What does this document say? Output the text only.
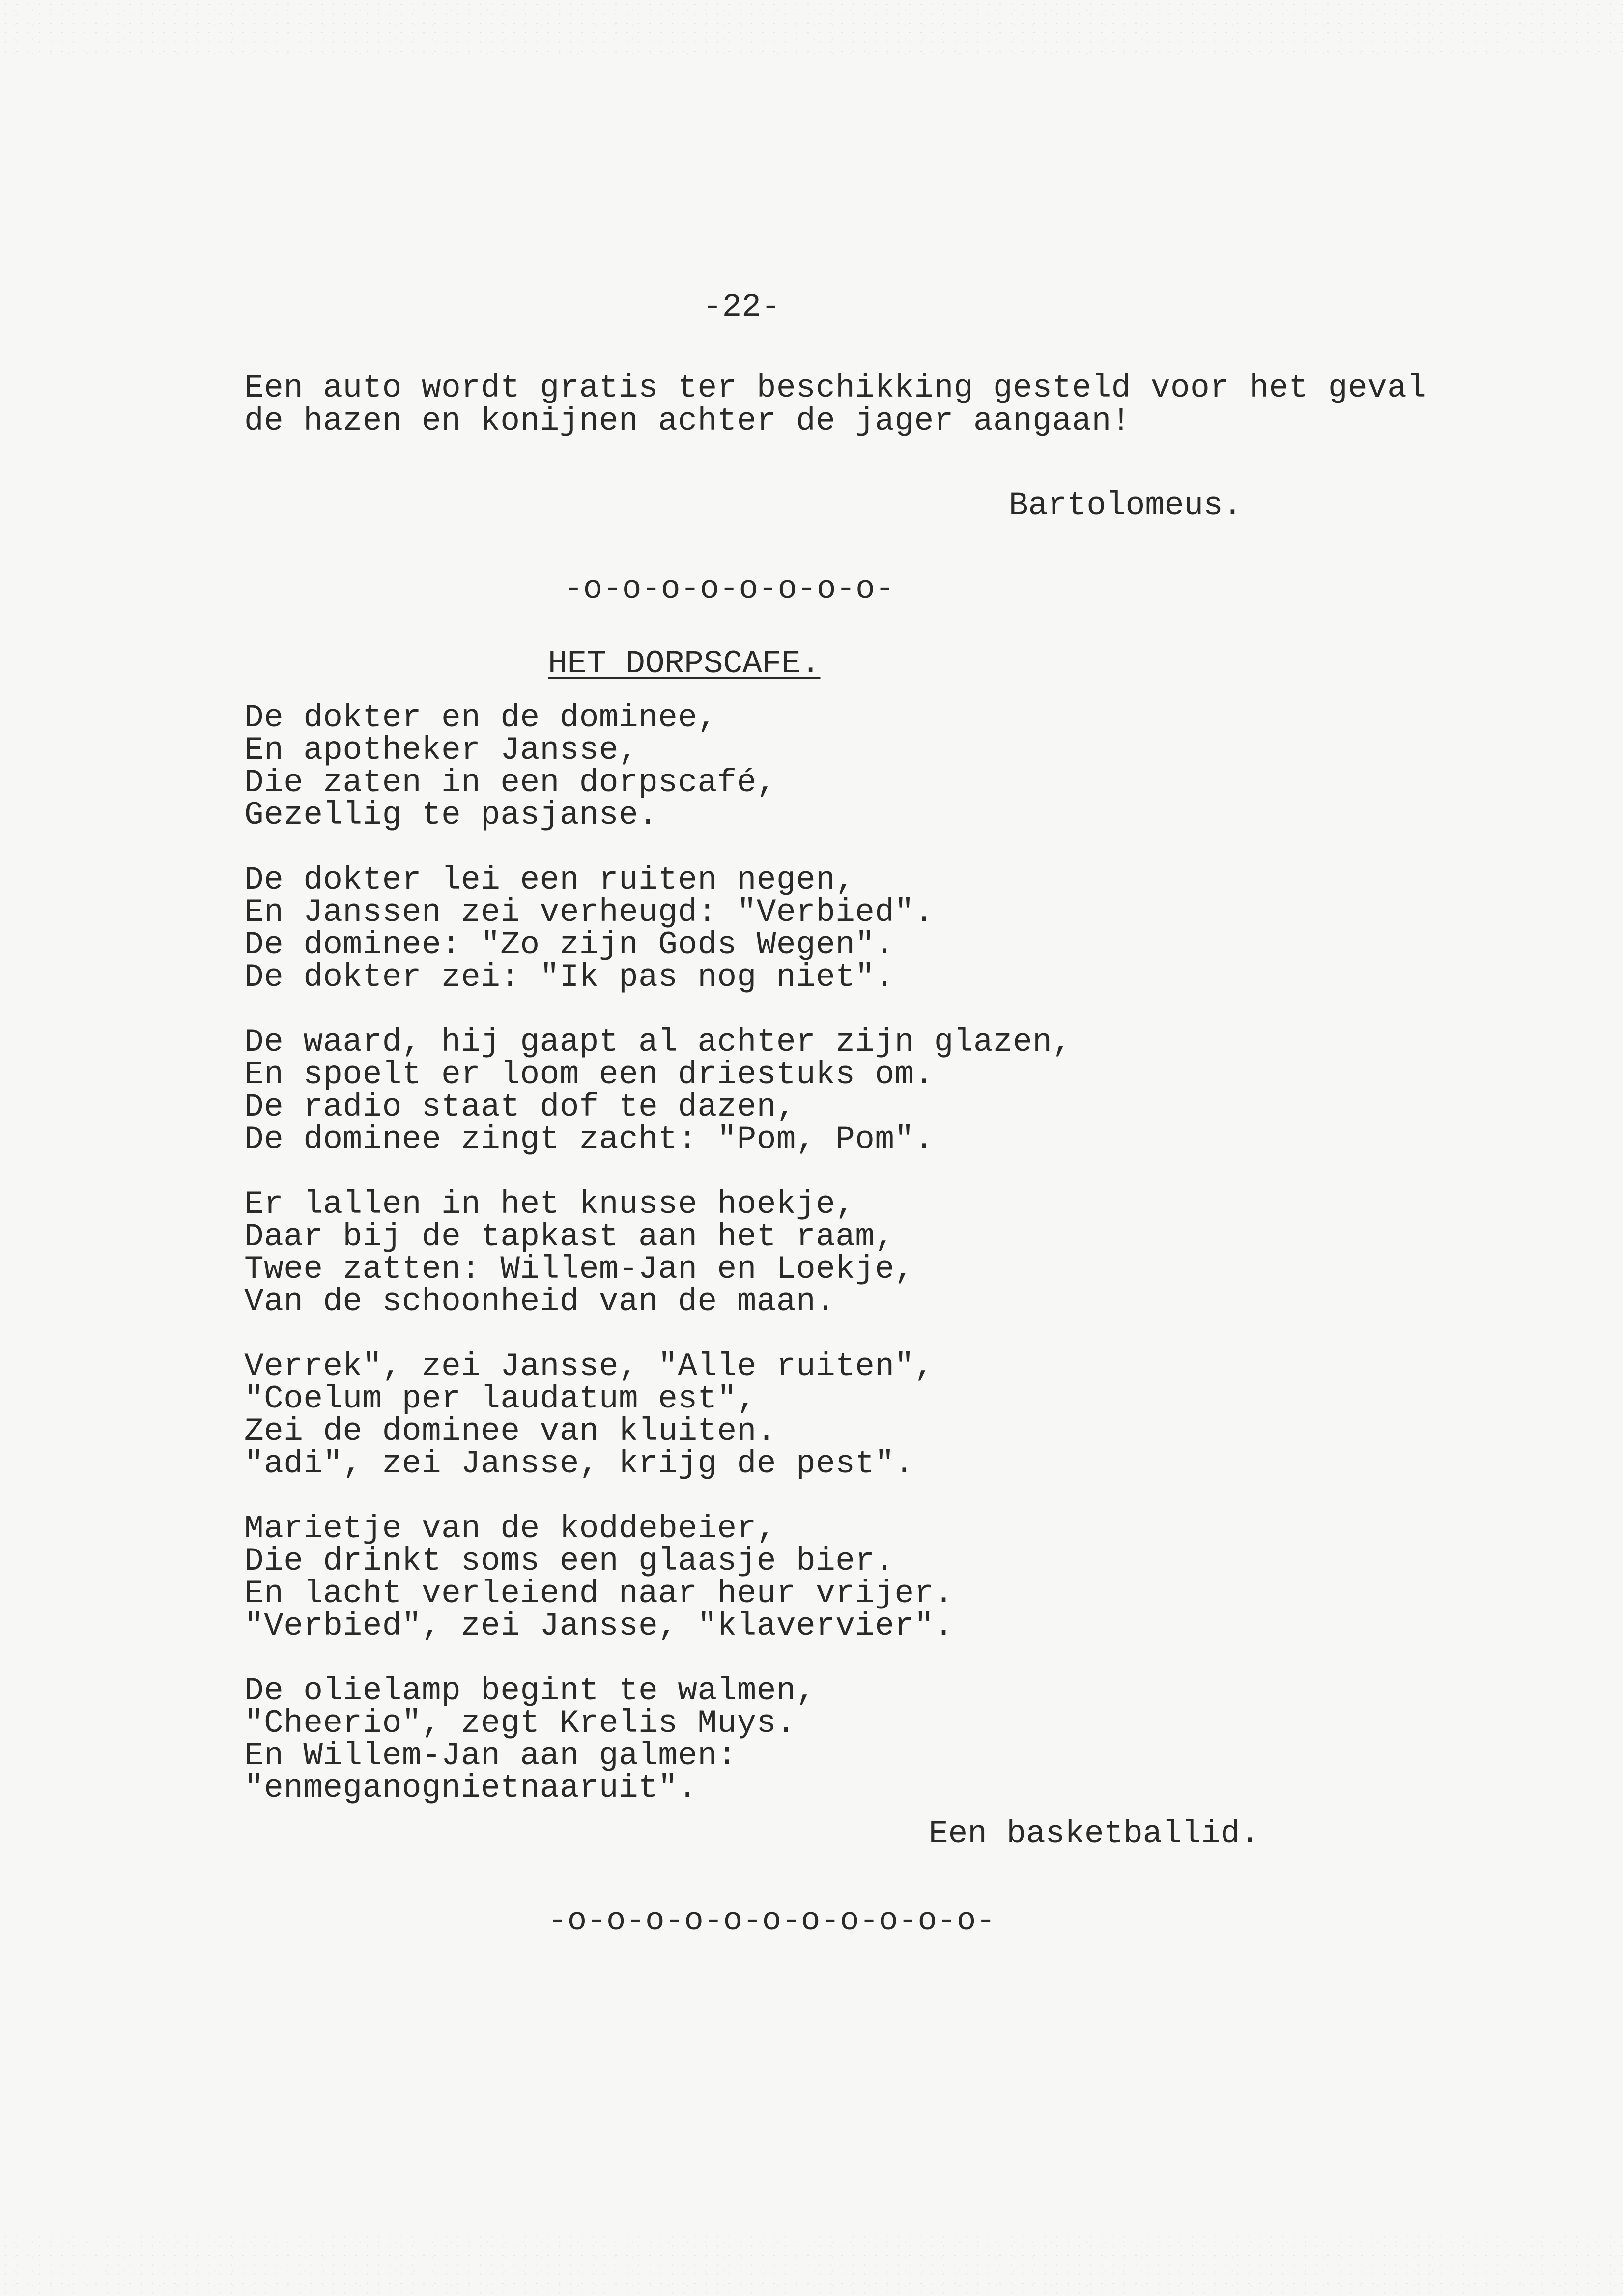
-22-
Een auto wordt gratis ter beschikking gesteld voor het geval
de hazen en konijnen achter de jager aangaan!
Bartolomeus.
-o-o-o-o-o-o-o-o-
HET DORPSCAFE.
De dokter en de dominee,
En apotheker Jansse,
Die zaten in een dorpscafé,
Gezellig te pasjanse.
De dokter lei een ruiten negen,
En Janssen zei verheugd: "Verbied".
De dominee: "Zo zijn Gods Wegen".
De dokter zei: "Ik pas nog niet".
De waard, hij gaapt al achter zijn glazen,
En spoelt er loom een driestuks om.
De radio staat dof te dazen,
De dominee zingt zacht: "Pom, Pom".
Er lallen in het knusse hoekje,
Daar bij de tapkast aan het raam,
Twee zatten: Willem-Jan en Loekje,
Van de schoonheid van de maan.
Verrek", zei Jansse, "Alle ruiten",
"Coelum per laudatum est",
Zei de dominee van kluiten.
"adi", zei Jansse, krijg de pest".
Marietje van de koddebeier,
Die drinkt soms een glaasje bier.
En lacht verleiend naar heur vrijer.
"Verbied", zei Jansse, "klavervier".
De olielamp begint te walmen,
"Cheerio", zegt Krelis Muys.
En Willem-Jan aan galmen:
"enmeganognietnaaruit".
Een basketballid.
-o-o-o-o-o-o-o-o-o-o-o-
